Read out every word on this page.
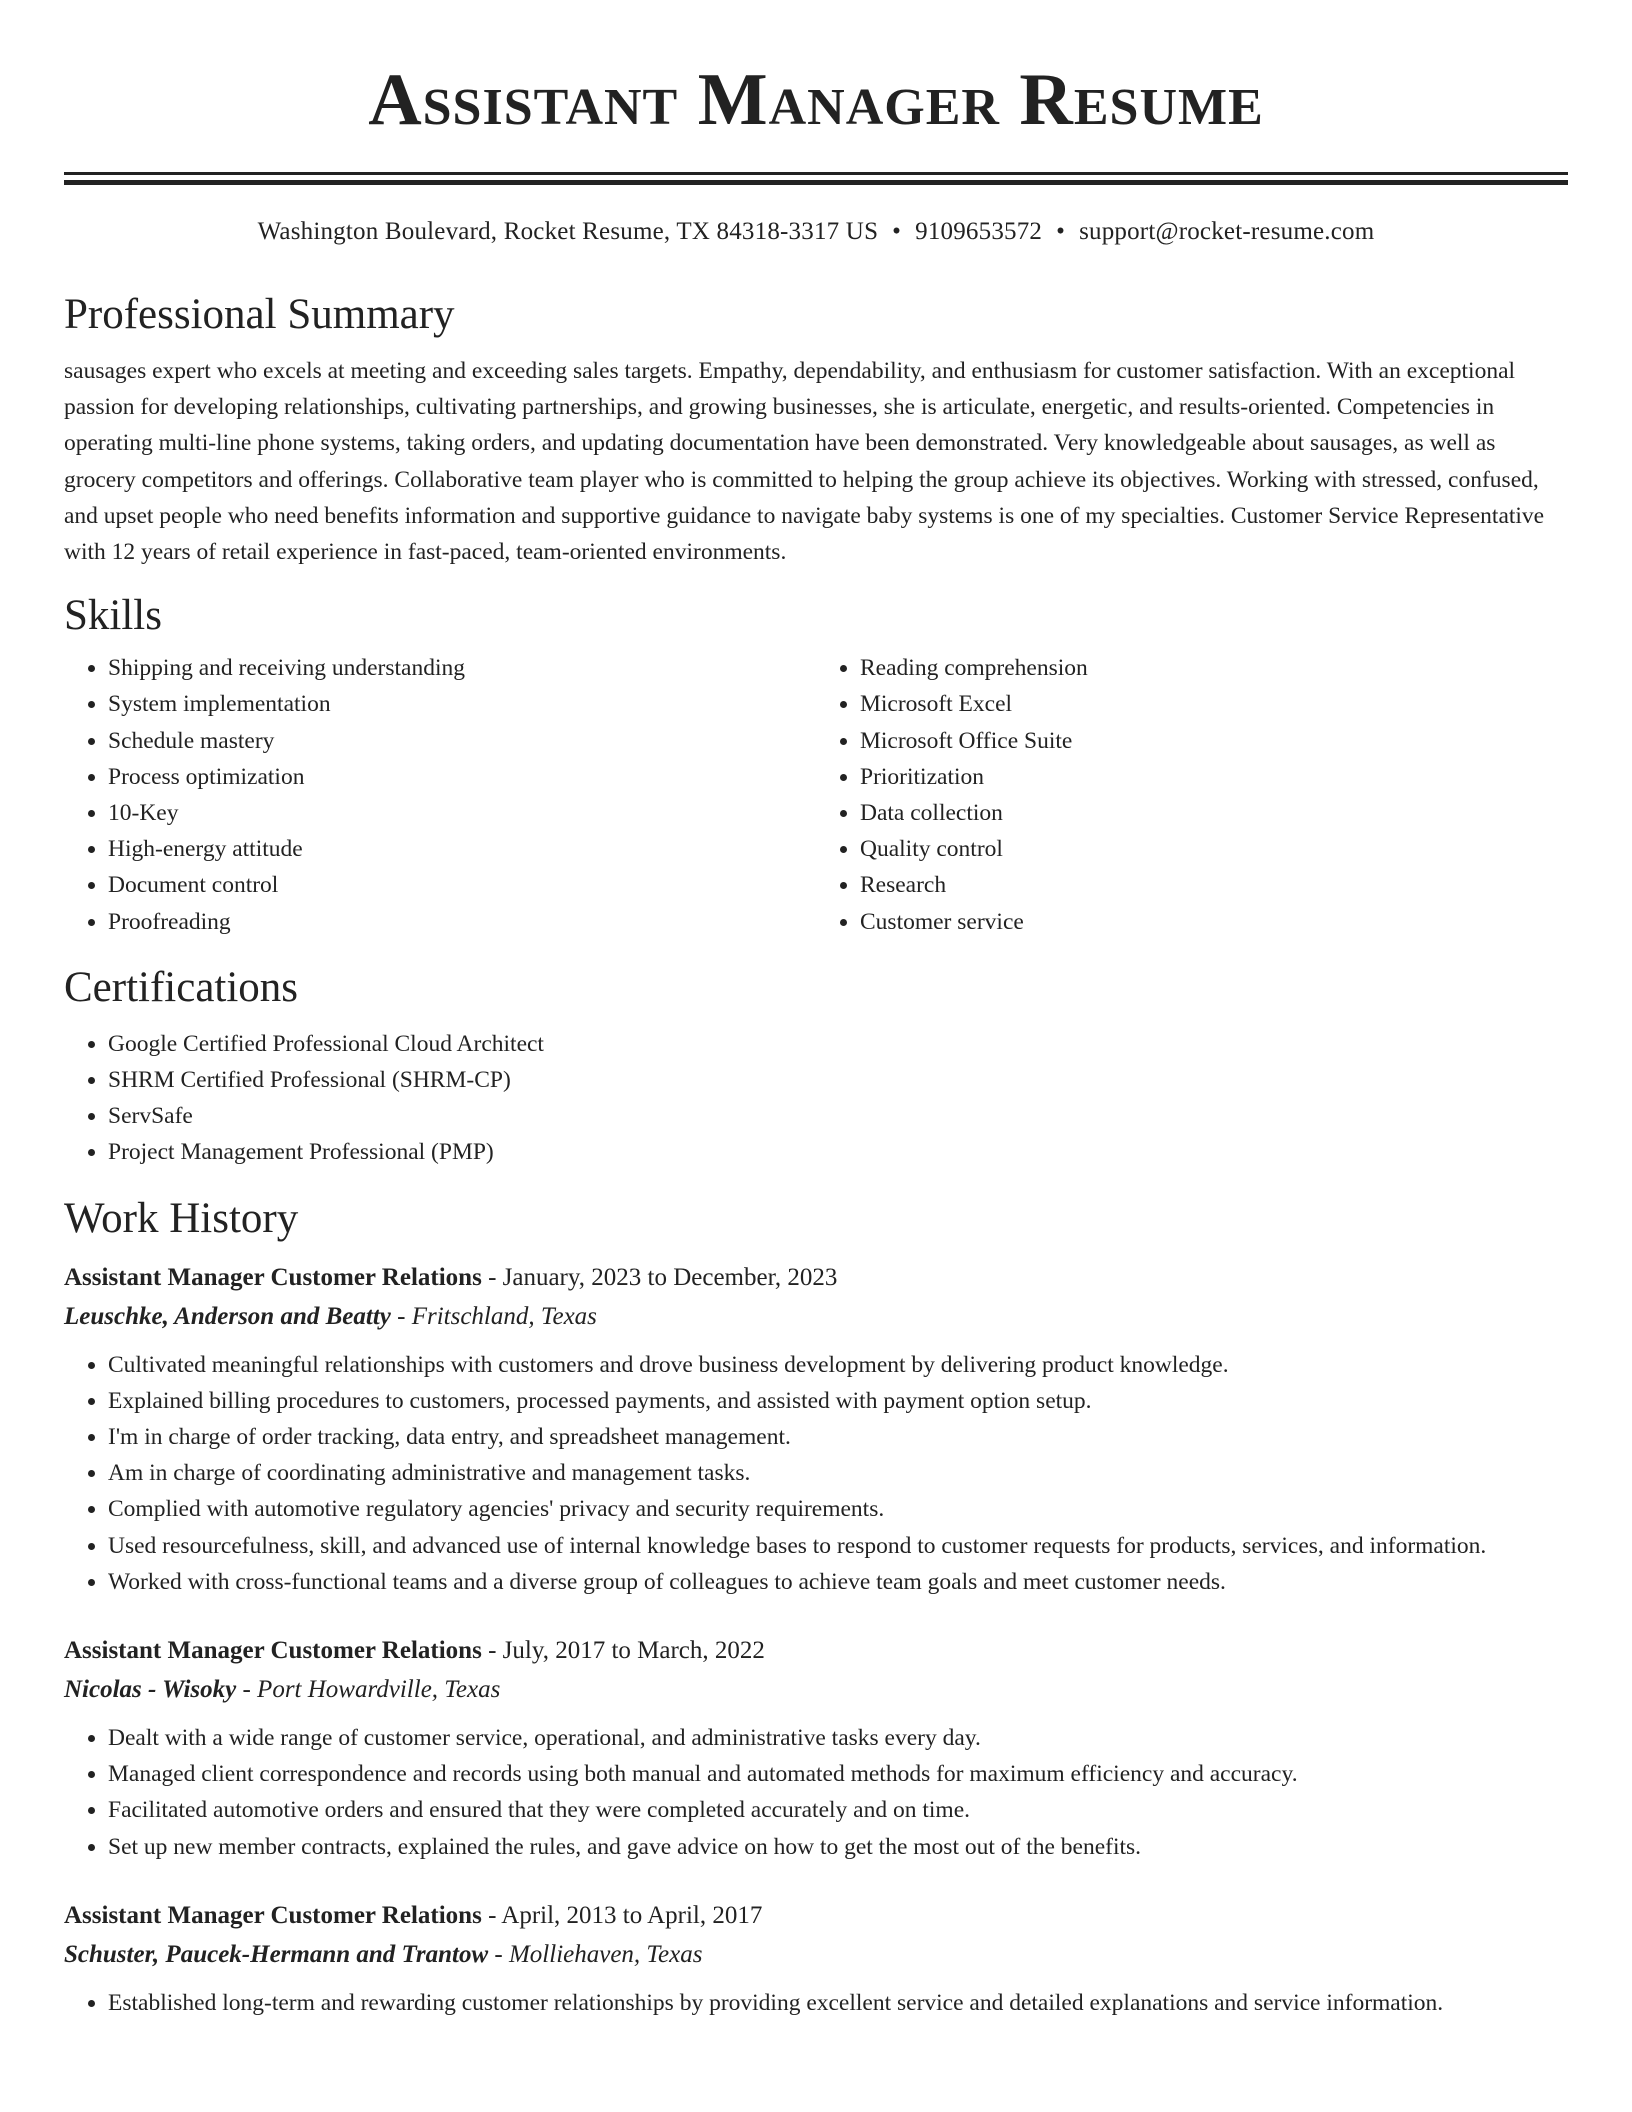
Assistant Manager Resume
Washington Boulevard, Rocket Resume, TX 84318-3317 US • 9109653572 • support@rocket-resume.com
Professional Summary

sausages expert who excels at meeting and exceeding sales targets. Empathy, dependability, and enthusiasm for customer satisfaction. With an exceptional passion for developing relationships, cultivating partnerships, and growing businesses, she is articulate, energetic, and results-oriented. Competencies in operating multi-line phone systems, taking orders, and updating documentation have been demonstrated. Very knowledgeable about sausages, as well as grocery competitors and offerings. Collaborative team player who is committed to helping the group achieve its objectives. Working with stressed, confused, and upset people who need benefits information and supportive guidance to navigate baby systems is one of my specialties. Customer Service Representative with 12 years of retail experience in fast-paced, team-oriented environments.

Skills
• Shipping and receiving understanding
• System implementation
• Schedule mastery
• Process optimization
• 10-Key
• High-energy attitude
• Document control
• Proofreading
• Reading comprehension
• Microsoft Excel
• Microsoft Office Suite
• Prioritization
• Data collection
• Quality control
• Research
• Customer service
Certifications
• Google Certified Professional Cloud Architect
• SHRM Certified Professional (SHRM-CP)
• ServSafe
• Project Management Professional (PMP)
Work History
Assistant Manager Customer Relations - January, 2023 to December, 2023
Leuschke, Anderson and Beatty - Fritschland, Texas
• Cultivated meaningful relationships with customers and drove business development by delivering product knowledge.
• Explained billing procedures to customers, processed payments, and assisted with payment option setup.
• I'm in charge of order tracking, data entry, and spreadsheet management.
• Am in charge of coordinating administrative and management tasks.
• Complied with automotive regulatory agencies' privacy and security requirements.
• Used resourcefulness, skill, and advanced use of internal knowledge bases to respond to customer requests for products, services, and information.
• Worked with cross-functional teams and a diverse group of colleagues to achieve team goals and meet customer needs.
Assistant Manager Customer Relations - July, 2017 to March, 2022
Nicolas - Wisoky - Port Howardville, Texas
• Dealt with a wide range of customer service, operational, and administrative tasks every day.
• Managed client correspondence and records using both manual and automated methods for maximum efficiency and accuracy.
• Facilitated automotive orders and ensured that they were completed accurately and on time.
• Set up new member contracts, explained the rules, and gave advice on how to get the most out of the benefits.
Assistant Manager Customer Relations - April, 2013 to April, 2017
Schuster, Paucek-Hermann and Trantow - Molliehaven, Texas
• Established long-term and rewarding customer relationships by providing excellent service and detailed explanations and service information.
